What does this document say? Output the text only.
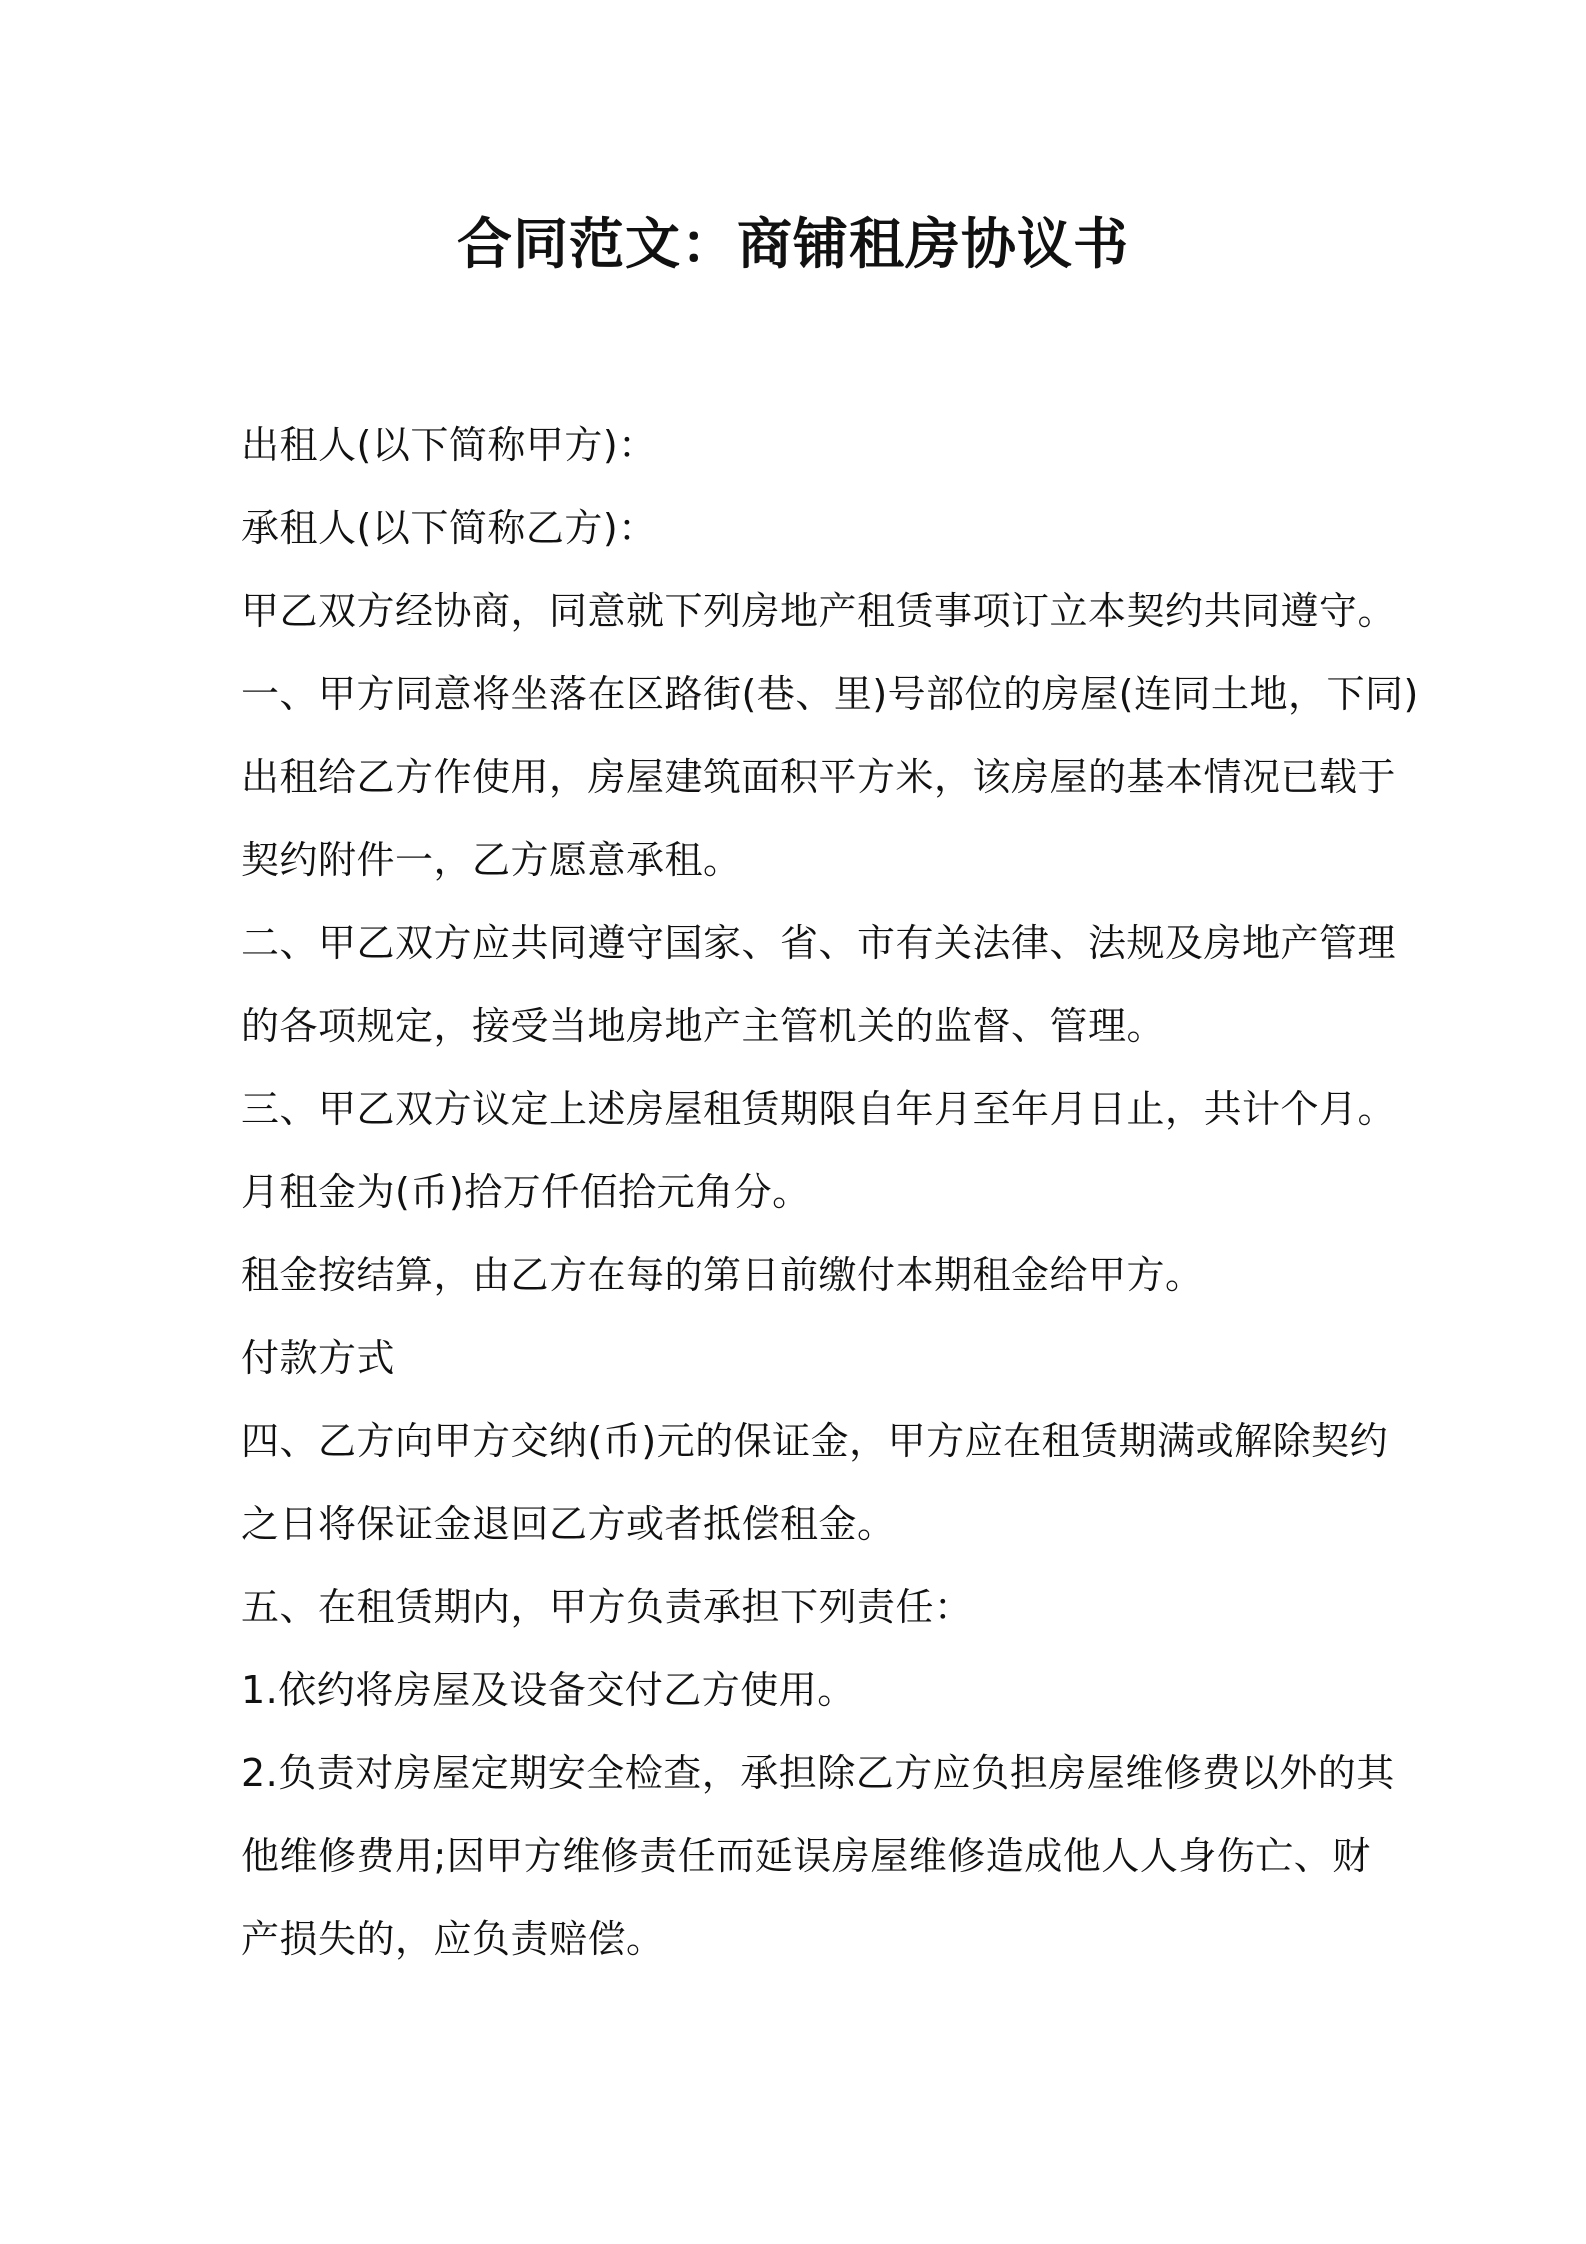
合同范文：商铺租房协议书
出租人(以下简称甲方)：
承租人(以下简称乙方)：
甲乙双方经协商，同意就下列房地产租赁事项订立本契约共同遵守。
一、甲方同意将坐落在区路街(巷、里)号部位的房屋(连同土地，下同)
出租给乙方作使用，房屋建筑面积平方米，该房屋的基本情况已载于
契约附件一，乙方愿意承租。
二、甲乙双方应共同遵守国家、省、市有关法律、法规及房地产管理
的各项规定，接受当地房地产主管机关的监督、管理。
三、甲乙双方议定上述房屋租赁期限自年月至年月日止，共计个月。
月租金为(币)拾万仟佰拾元角分。
租金按结算，由乙方在每的第日前缴付本期租金给甲方。
付款方式
四、乙方向甲方交纳(币)元的保证金，甲方应在租赁期满或解除契约
之日将保证金退回乙方或者抵偿租金。
五、在租赁期内，甲方负责承担下列责任：
1.依约将房屋及设备交付乙方使用。
2.负责对房屋定期安全检查，承担除乙方应负担房屋维修费以外的其
他维修费用;因甲方维修责任而延误房屋维修造成他人人身伤亡、财
产损失的，应负责赔偿。
